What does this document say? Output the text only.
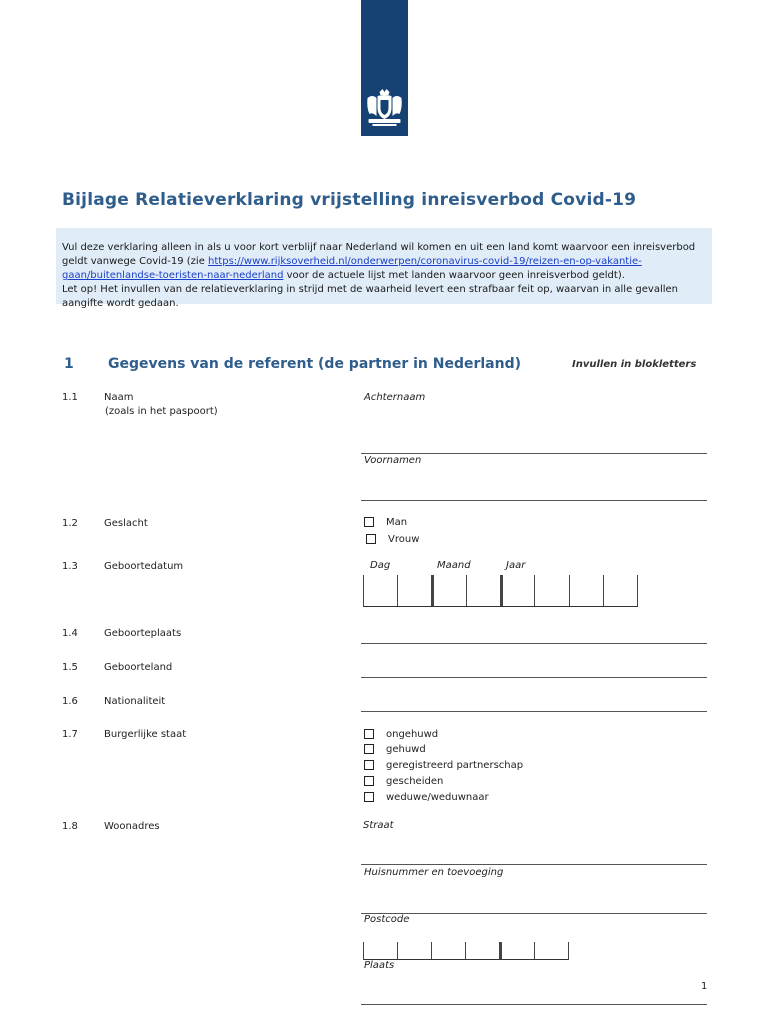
Bijlage Relatieverklaring vrijstelling inreisverbod Covid-19
Vul deze verklaring alleen in als u voor kort verblijf naar Nederland wil komen en uit een land komt waarvoor een inreisverbod
geldt vanwege Covid-19 (zie https://www.rijksoverheid.nl/onderwerpen/coronavirus-covid-19/reizen-en-op-vakantie-
gaan/buitenlandse-toeristen-naar-nederland voor de actuele lijst met landen waarvoor geen inreisverbod geldt).
Let op! Het invullen van de relatieverklaring in strijd met de waarheid levert een strafbaar feit op, waarvan in alle gevallen
aangifte wordt gedaan.
1 Gegevens van de referent (de partner in Nederland)	Invullen in blokletters
1.1	Naam
(zoals in het paspoort)
Achternaam
Voornamen
1.2	Geslacht	Man
Vrouw
1.3	Geboortedatum	Dag	Maand	Jaar
1.4	Geboorteplaats
1.5	Geboorteland
1.6	Nationaliteit
1.7	Burgerlijke staat	ongehuwd
gehuwd
geregistreerd partnerschap
gescheiden
weduwe/weduwnaar
1.8	Woonadres	Straat
Huisnummer en toevoeging
Postcode
Plaats
1
